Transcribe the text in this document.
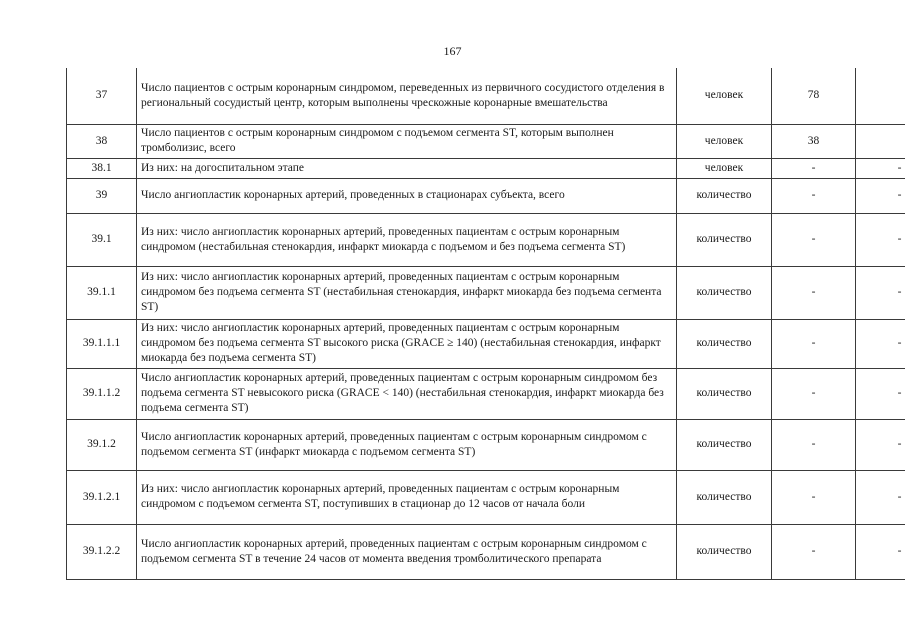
167
37	Число пациентов с острым коронарным синдромом, переведенных из первичного сосудистого отделения в региональный сосудистый центр, которым выполнены чрескожные коронарные вмешательства	человек	78	
38	Число пациентов с острым коронарным синдромом с подъемом сегмента ST, которым выполнен тромболизис, всего	человек	38	
38.1	Из них: на догоспитальном этапе	человек	-	-
39	Число ангиопластик коронарных артерий, проведенных в стационарах субъекта, всего	количество	-	-
39.1	Из них: число ангиопластик коронарных артерий, проведенных пациентам с острым коронарным синдромом (нестабильная стенокардия, инфаркт миокарда с подъемом и без подъема сегмента ST)	количество	-	-
39.1.1	Из них: число ангиопластик коронарных артерий, проведенных пациентам с острым коронарным синдромом без подъема сегмента ST (нестабильная стенокардия, инфаркт миокарда без подъема сегмента ST)	количество	-	-
39.1.1.1	Из них: число ангиопластик коронарных артерий, проведенных пациентам с острым коронарным синдромом без подъема сегмента ST высокого риска (GRACE ≥ 140) (нестабильная стенокардия, инфаркт миокарда без подъема сегмента ST)	количество	-	-
39.1.1.2	Число ангиопластик коронарных артерий, проведенных пациентам с острым коронарным синдромом без подъема сегмента ST невысокого риска (GRACE < 140) (нестабильная стенокардия, инфаркт миокарда без подъема сегмента ST)	количество	-	-
39.1.2	Число ангиопластик коронарных артерий, проведенных пациентам с острым коронарным синдромом с подъемом сегмента ST (инфаркт миокарда с подъемом сегмента ST)	количество	-	-
39.1.2.1	Из них: число ангиопластик коронарных артерий, проведенных пациентам с острым коронарным синдромом с подъемом сегмента ST, поступивших в стационар до 12 часов от начала боли	количество	-	-
39.1.2.2	Число ангиопластик коронарных артерий, проведенных пациентам с острым коронарным синдромом с подъемом сегмента ST в течение 24 часов от момента введения тромболитического препарата	количество	-	-
